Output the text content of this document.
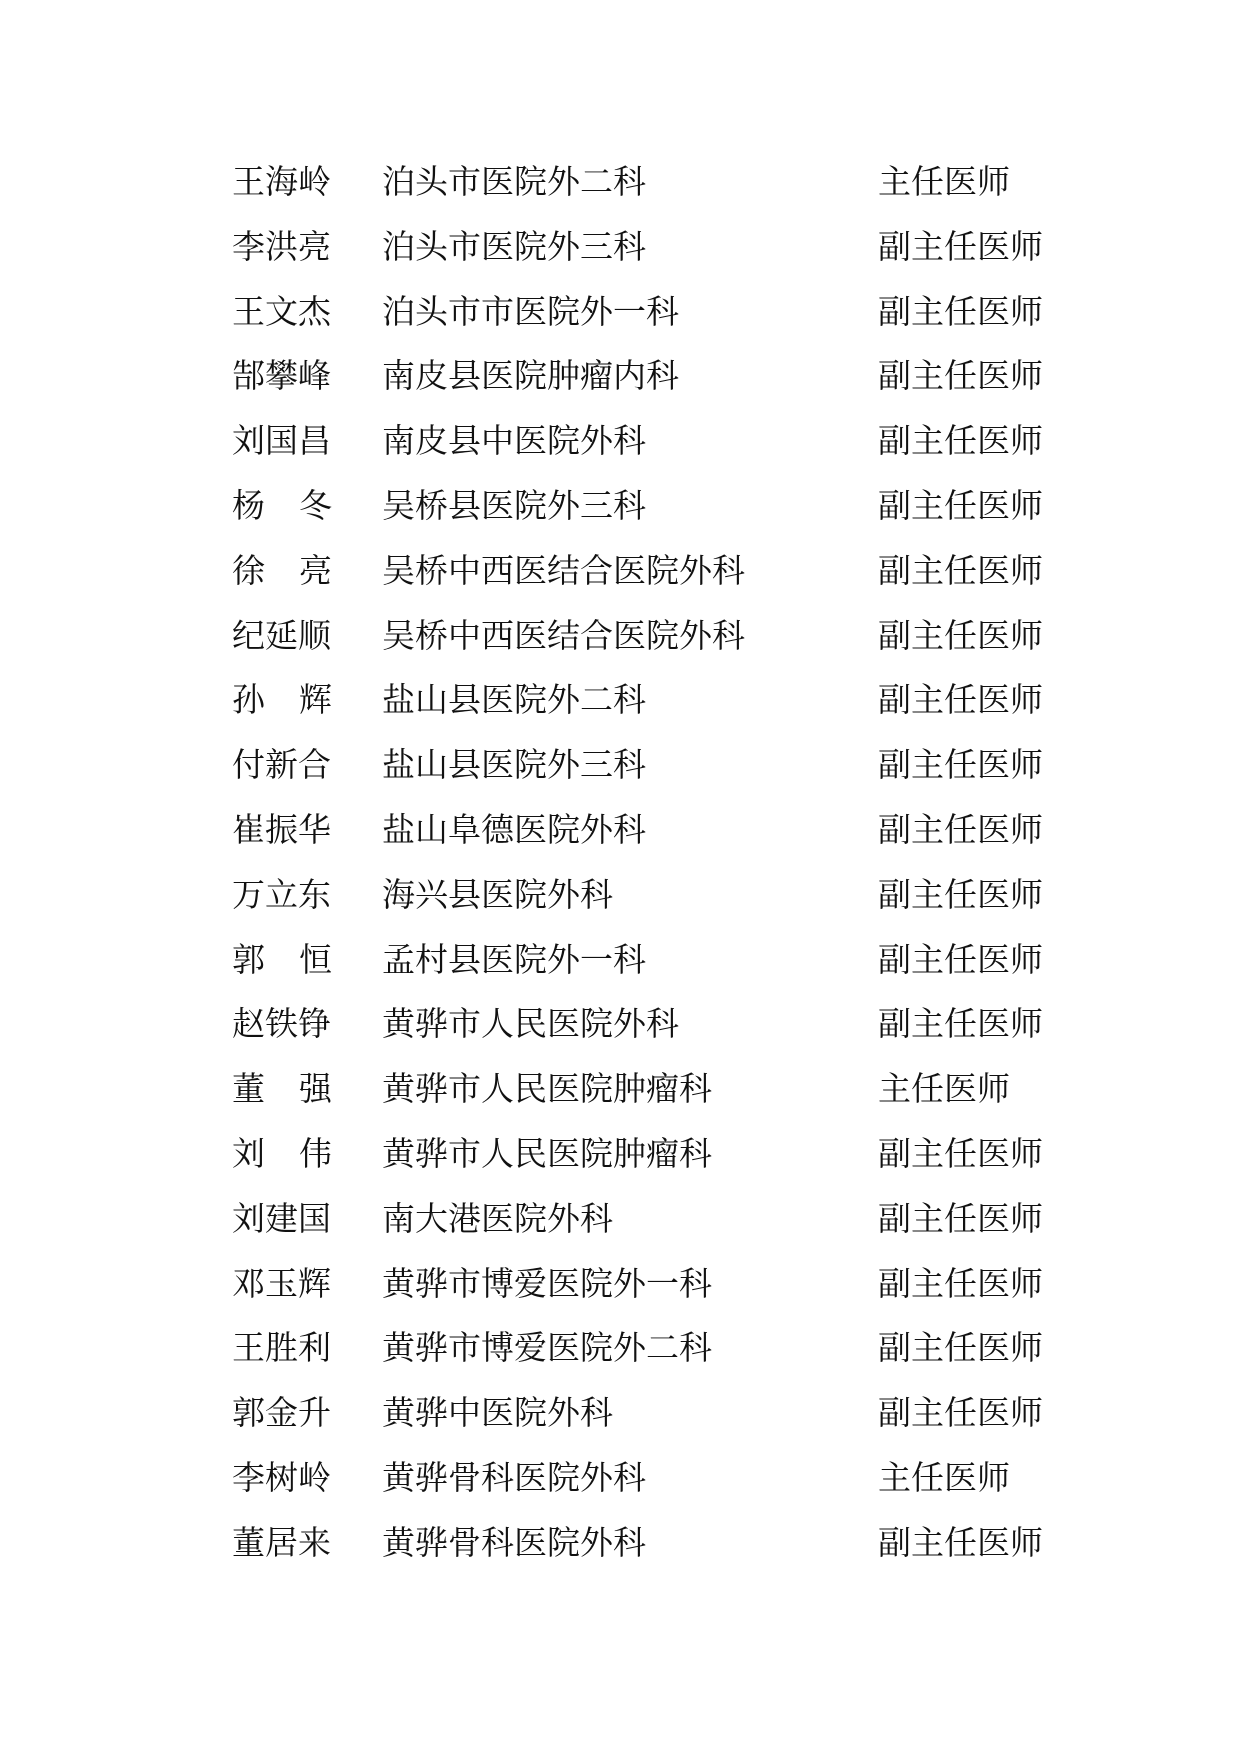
王海岭 泊头市医院外二科	主任医师
李洪亮 泊头市医院外三科	副主任医师
王文杰 泊头市市医院外一科	副主任医师
郜攀峰 南皮县医院肿瘤内科	副主任医师
刘国昌 南皮县中医院外科	副主任医师
杨 冬 吴桥县医院外三科	副主任医师
徐 亮 吴桥中西医结合医院外科	副主任医师
纪延顺 吴桥中西医结合医院外科	副主任医师
孙 辉 盐山县医院外二科	副主任医师
付新合 盐山县医院外三科	副主任医师
崔振华 盐山阜德医院外科	副主任医师
万立东 海兴县医院外科	副主任医师
郭 恒 孟村县医院外一科	副主任医师
赵铁铮 黄骅市人民医院外科	副主任医师
董 强 黄骅市人民医院肿瘤科	主任医师
刘 伟 黄骅市人民医院肿瘤科	副主任医师
刘建国 南大港医院外科	副主任医师
邓玉辉 黄骅市博爱医院外一科	副主任医师
王胜利 黄骅市博爱医院外二科	副主任医师
郭金升 黄骅中医院外科	副主任医师
李树岭 黄骅骨科医院外科	主任医师
董居来 黄骅骨科医院外科	副主任医师
